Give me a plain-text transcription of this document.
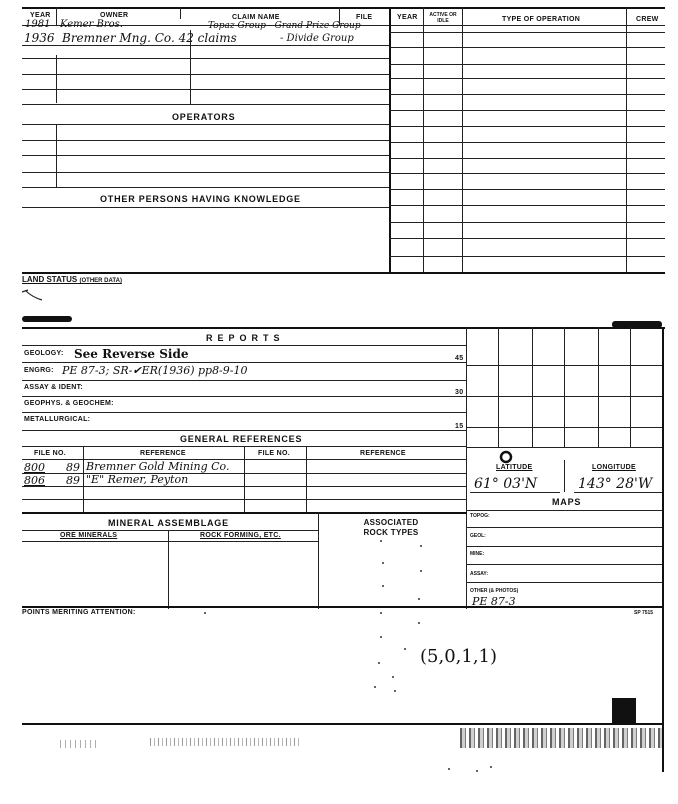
YEAR	OWNER	CLAIM NAME	FILE	YEAR ACTIVE OR IDLE	TYPE OF OPERATION	CREW
1981 Kemer Bros.	Topaz Group - Grand Prize Group
1936 Bremner Mng. Co. 42 claims	- Divide Group
OPERATORS
OTHER PERSONS HAVING KNOWLEDGE
LAND STATUS (OTHER DATA)
REPORTS
GEOLOGY: See Reverse Side	45
ENGRG: PE 87-3; SR-✔ER(1936) pp8-9-10
ASSAY & IDENT:
30
GEOPHYS. & GEOCHEM:
METALLURGICAL:
15
GENERAL REFERENCES
FILE NO.	REFERENCE	FILE NO.	REFERENCE
800 89 Bremner Gold Mining Co.
806 89 "E" Remer, Peyton
LATITUDE	LONGITUDE
61° 03'N	143° 28'W
MAPS
TOPOG:
GEOL:
MINE:
ASSAY:
OTHER (& PHOTOS)
PE 87-3
MINERAL ASSEMBLAGE	ASSOCIATED ROCK TYPES
ORE MINERALS	ROCK FORMING, ETC.
POINTS MERITING ATTENTION:	SP 7515
(5,0,1,1)
